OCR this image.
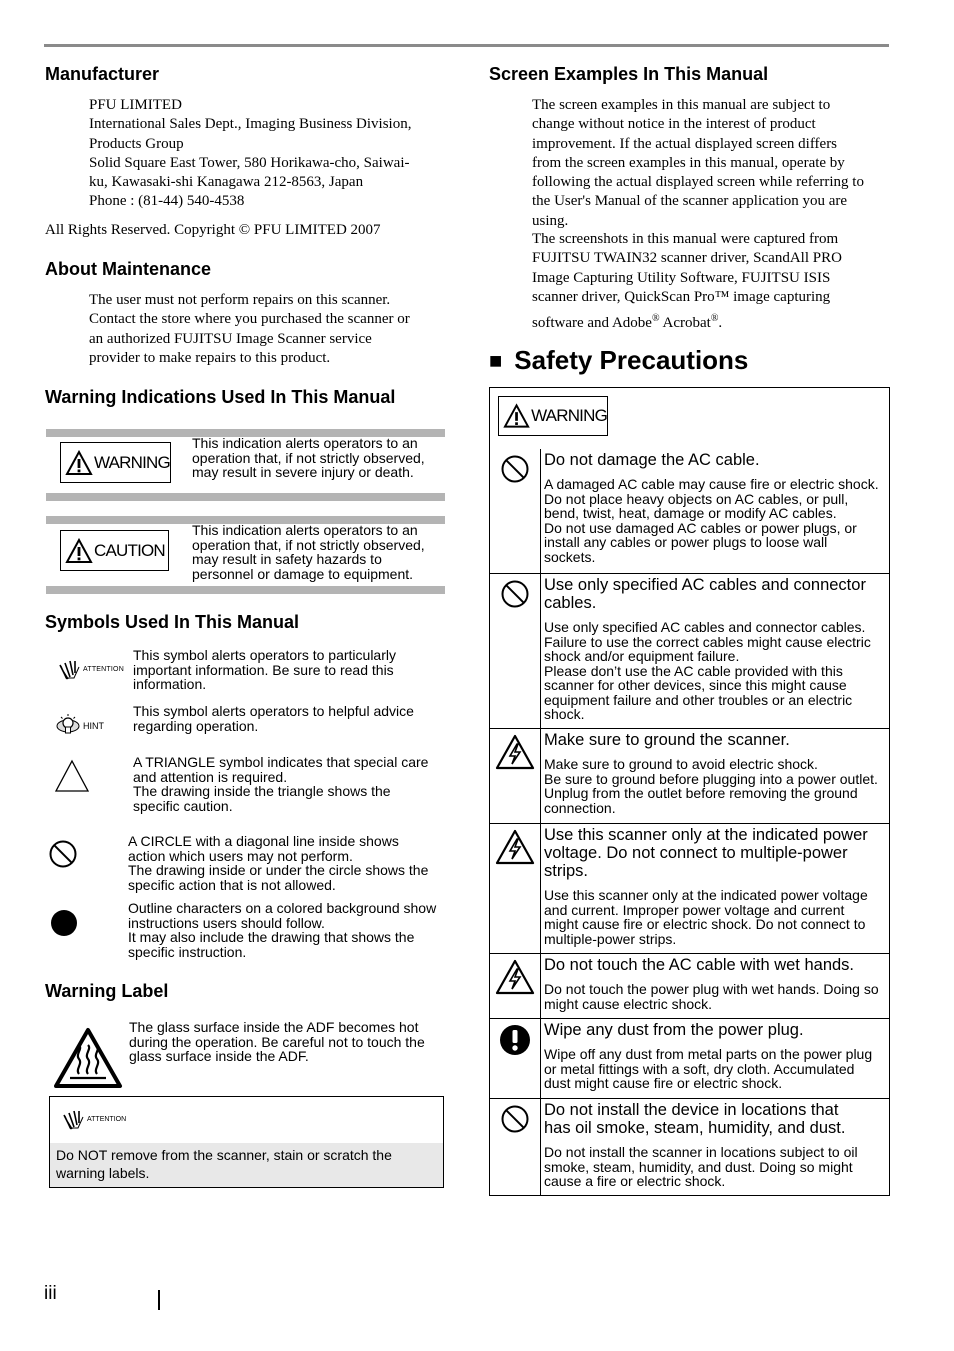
Manufacturer
PFU LIMITED
International Sales Dept., Imaging Business Division,
Products Group
Solid Square East Tower, 580 Horikawa-cho, Saiwai-
ku, Kawasaki-shi Kanagawa 212-8563, Japan
Phone : (81-44) 540-4538
All Rights Reserved. Copyright © PFU LIMITED 2007
About Maintenance
The user must not perform repairs on this scanner.
Contact the store where you purchased the scanner or
an authorized FUJITSU Image Scanner service
provider to make repairs to this product.
Warning Indications Used In This Manual
WARNING
This indication alerts operators to an
operation that, if not strictly observed,
may result in severe injury or death.
CAUTION
This indication alerts operators to an
operation that, if not strictly observed,
may result in safety hazards to
personnel or damage to equipment.
Symbols Used In This Manual
ATTENTION
This symbol alerts operators to particularly
important information. Be sure to read this
information.
HINT
This symbol alerts operators to helpful advice
regarding operation.
A TRIANGLE symbol indicates that special care
and attention is required.
The drawing inside the triangle shows the
specific caution.
A CIRCLE with a diagonal line inside shows
action which users may not perform.
The drawing inside or under the circle shows the
specific action that is not allowed.
Outline characters on a colored background show
instructions users should follow.
It may also include the drawing that shows the
specific instruction.
Warning Label
The glass surface inside the ADF becomes hot
during the operation. Be careful not to touch the
glass surface inside the ADF.
ATTENTION
Do NOT remove from the scanner, stain or scratch the
warning labels.
Screen Examples In This Manual
The screen examples in this manual are subject to
change without notice in the interest of product
improvement. If the actual displayed screen differs
from the screen examples in this manual, operate by
following the actual displayed screen while referring to
the User's Manual of the scanner application you are
using.
The screenshots in this manual were captured from
FUJITSU TWAIN32 scanner driver, ScandAll PRO
Image Capturing Utility Software, FUJITSU ISIS
scanner driver, QuickScan Pro™ image capturing
software and Adobe® Acrobat®.
■ Safety Precautions
WARNING
Do not damage the AC cable.
A damaged AC cable may cause fire or electric shock.
Do not place heavy objects on AC cables, or pull,
bend, twist, heat, damage or modify AC cables.
Do not use damaged AC cables or power plugs, or
install any cables or power plugs to loose wall
sockets.
Use only specified AC cables and connector
cables.
Use only specified AC cables and connector cables.
Failure to use the correct cables might cause electric
shock and/or equipment failure.
Please don’t use the AC cable provided with this
scanner for other devices, since this might cause
equipment failure and other troubles or an electric
shock.
Make sure to ground the scanner.
Make sure to ground to avoid electric shock.
Be sure to ground before plugging into a power outlet.
Unplug from the outlet before removing the ground
connection.
Use this scanner only at the indicated power
voltage. Do not connect to multiple-power
strips.
Use this scanner only at the indicated power voltage
and current. Improper power voltage and current
might cause fire or electric shock. Do not connect to
multiple-power strips.
Do not touch the AC cable with wet hands.
Do not touch the power plug with wet hands. Doing so
might cause electric shock.
Wipe any dust from the power plug.
Wipe off any dust from metal parts on the power plug
or metal fittings with a soft, dry cloth. Accumulated
dust might cause fire or electric shock.
Do not install the device in locations that
has oil smoke, steam, humidity, and dust.
Do not install the scanner in locations subject to oil
smoke, steam, humidity, and dust. Doing so might
cause a fire or electric shock.
iii
